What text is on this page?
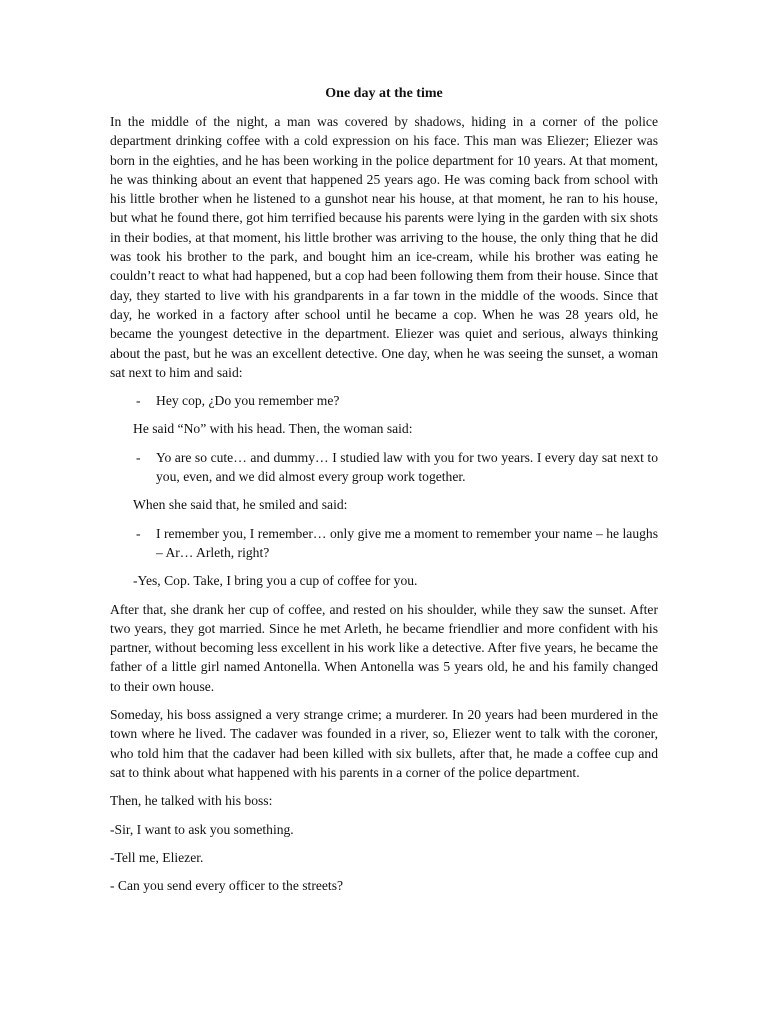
One day at the time

In the middle of the night, a man was covered by shadows, hiding in a corner of the police department drinking coffee with a cold expression on his face. This man was Eliezer; Eliezer was born in the eighties, and he has been working in the police department for 10 years. At that moment, he was thinking about an event that happened 25 years ago. He was coming back from school with his little brother when he listened to a gunshot near his house, at that moment, he ran to his house, but what he found there, got him terrified because his parents were lying in the garden with six shots in their bodies, at that moment, his little brother was arriving to the house, the only thing that he did was took his brother to the park, and bought him an ice-cream, while his brother was eating he couldn’t react to what had happened, but a cop had been following them from their house. Since that day, they started to live with his grandparents in a far town in the middle of the woods. Since that day, he worked in a factory after school until he became a cop. When he was 28 years old, he became the youngest detective in the department. Eliezer was quiet and serious, always thinking about the past, but he was an excellent detective. One day, when he was seeing the sunset, a woman sat next to him and said:

- Hey cop, ¿Do you remember me?
He said “No” with his head. Then, the woman said:
- Yo are so cute… and dummy… I studied law with you for two years. I every day sat next to you, even, and we did almost every group work together.
When she said that, he smiled and said:
- I remember you, I remember… only give me a moment to remember your name – he laughs – Ar… Arleth, right?
-Yes, Cop. Take, I bring you a cup of coffee for you.

After that, she drank her cup of coffee, and rested on his shoulder, while they saw the sunset. After two years, they got married. Since he met Arleth, he became friendlier and more confident with his partner, without becoming less excellent in his work like a detective. After five years, he became the father of a little girl named Antonella. When Antonella was 5 years old, he and his family changed to their own house.

Someday, his boss assigned a very strange crime; a murderer. In 20 years had been murdered in the town where he lived. The cadaver was founded in a river, so, Eliezer went to talk with the coroner, who told him that the cadaver had been killed with six bullets, after that, he made a coffee cup and sat to think about what happened with his parents in a corner of the police department.

Then, he talked with his boss:

-Sir, I want to ask you something.

-Tell me, Eliezer.

- Can you send every officer to the streets?
